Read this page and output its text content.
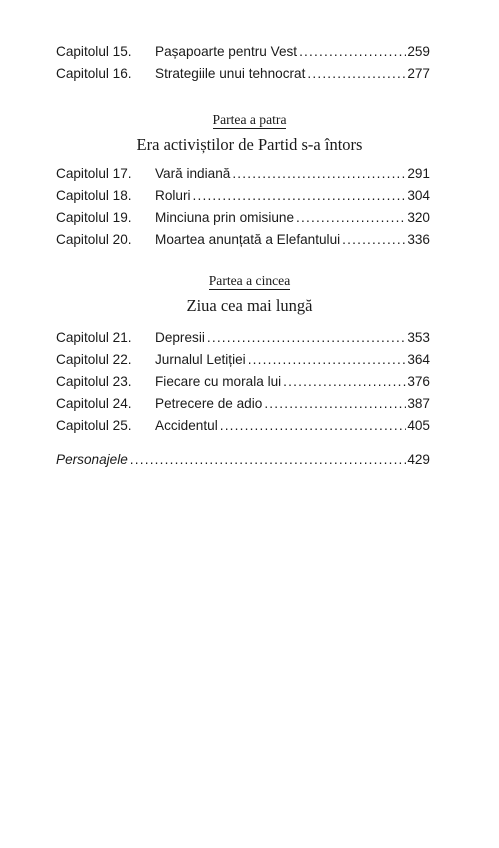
Capitolul 15.	Pașapoarte pentru Vest .....	259
Capitolul 16.	Strategiile unui tehnocrat .....	277
Partea a patra
Era activiștilor de Partid s-a întors
Capitolul 17.	Vară indiană .....	291
Capitolul 18.	Roluri .....	304
Capitolul 19.	Minciuna prin omisiune .....	320
Capitolul 20.	Moartea anunțată a Elefantului .....	336
Partea a cincea
Ziua cea mai lungă
Capitolul 21.	Depresii .....	353
Capitolul 22.	Jurnalul Letiției .....	364
Capitolul 23.	Fiecare cu morala lui .....	376
Capitolul 24.	Petrecere de adio .....	387
Capitolul 25.	Accidentul .....	405
Personajele .....	429
